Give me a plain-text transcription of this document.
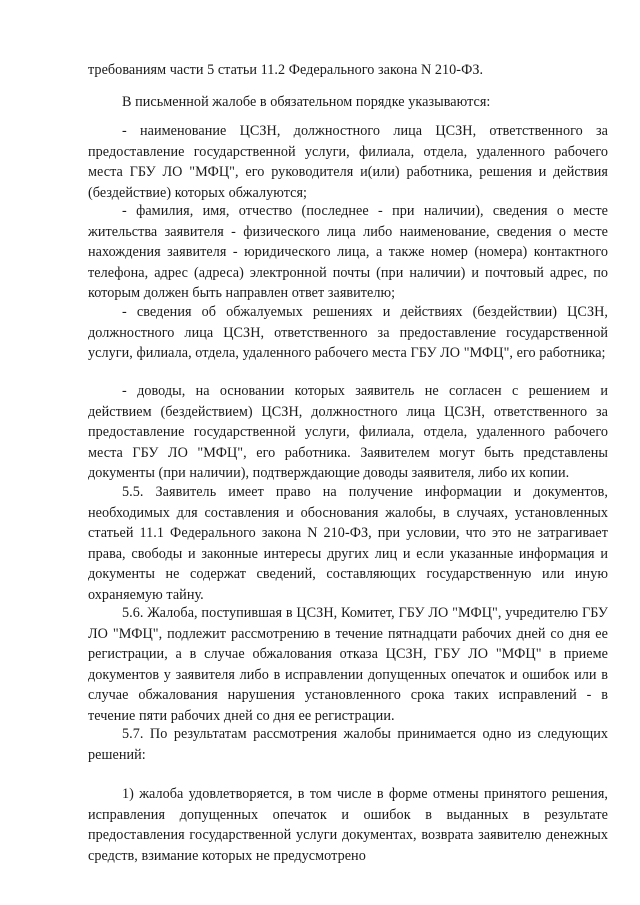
требованиям части 5 статьи 11.2 Федерального закона N 210-ФЗ.

В письменной жалобе в обязательном порядке указываются:

- наименование ЦСЗН, должностного лица ЦСЗН, ответственного за предоставление государственной услуги, филиала, отдела, удаленного рабочего места ГБУ ЛО "МФЦ", его руководителя и(или) работника, решения и действия (бездействие) которых обжалуются;

- фамилия, имя, отчество (последнее - при наличии), сведения о месте жительства заявителя - физического лица либо наименование, сведения о месте нахождения заявителя - юридического лица, а также номер (номера) контактного телефона, адрес (адреса) электронной почты (при наличии) и почтовый адрес, по которым должен быть направлен ответ заявителю;

- сведения об обжалуемых решениях и действиях (бездействии) ЦСЗН, должностного лица ЦСЗН, ответственного за предоставление государственной услуги, филиала, отдела, удаленного рабочего места ГБУ ЛО "МФЦ", его работника;

- доводы, на основании которых заявитель не согласен с решением и действием (бездействием) ЦСЗН, должностного лица ЦСЗН, ответственного за предоставление государственной услуги, филиала, отдела, удаленного рабочего места ГБУ ЛО "МФЦ", его работника. Заявителем могут быть представлены документы (при наличии), подтверждающие доводы заявителя, либо их копии.

5.5. Заявитель имеет право на получение информации и документов, необходимых для составления и обоснования жалобы, в случаях, установленных статьей 11.1 Федерального закона N 210-ФЗ, при условии, что это не затрагивает права, свободы и законные интересы других лиц и если указанные информация и документы не содержат сведений, составляющих государственную или иную охраняемую тайну.

5.6. Жалоба, поступившая в ЦСЗН, Комитет, ГБУ ЛО "МФЦ", учредителю ГБУ ЛО "МФЦ", подлежит рассмотрению в течение пятнадцати рабочих дней со дня ее регистрации, а в случае обжалования отказа ЦСЗН, ГБУ ЛО "МФЦ" в приеме документов у заявителя либо в исправлении допущенных опечаток и ошибок или в случае обжалования нарушения установленного срока таких исправлений - в течение пяти рабочих дней со дня ее регистрации.

5.7. По результатам рассмотрения жалобы принимается одно из следующих решений:

1) жалоба удовлетворяется, в том числе в форме отмены принятого решения, исправления допущенных опечаток и ошибок в выданных в результате предоставления государственной услуги документах, возврата заявителю денежных средств, взимание которых не предусмотрено
